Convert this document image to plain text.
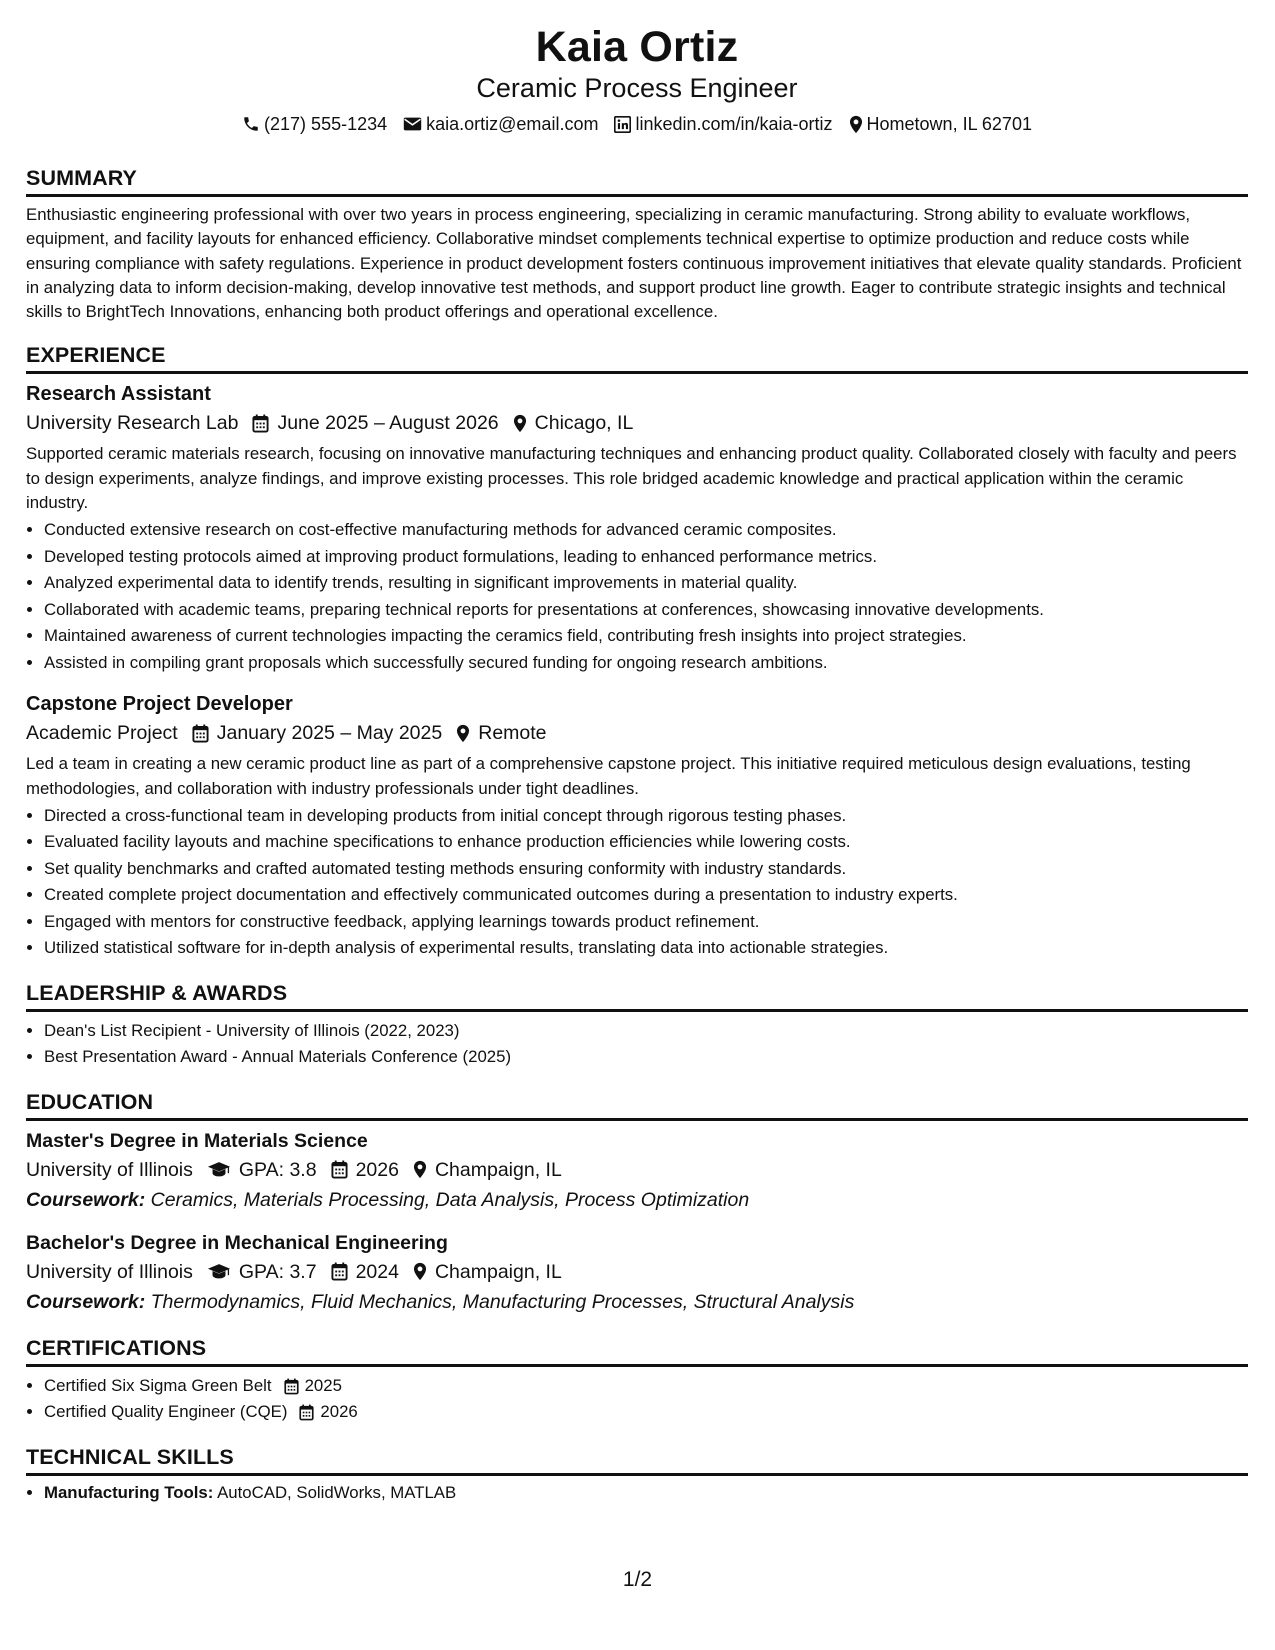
Kaia Ortiz
Ceramic Process Engineer
(217) 555-1234 kaia.ortiz@email.com linkedin.com/in/kaia-ortiz Hometown, IL 62701
SUMMARY
Enthusiastic engineering professional with over two years in process engineering, specializing in ceramic manufacturing. Strong ability to evaluate workflows, equipment, and facility layouts for enhanced efficiency. Collaborative mindset complements technical expertise to optimize production and reduce costs while ensuring compliance with safety regulations. Experience in product development fosters continuous improvement initiatives that elevate quality standards. Proficient in analyzing data to inform decision-making, develop innovative test methods, and support product line growth. Eager to contribute strategic insights and technical skills to BrightTech Innovations, enhancing both product offerings and operational excellence.
EXPERIENCE
Research Assistant
University Research Lab June 2025 – August 2026 Chicago, IL
Supported ceramic materials research, focusing on innovative manufacturing techniques and enhancing product quality. Collaborated closely with faculty and peers to design experiments, analyze findings, and improve existing processes. This role bridged academic knowledge and practical application within the ceramic industry.
• Conducted extensive research on cost-effective manufacturing methods for advanced ceramic composites.
• Developed testing protocols aimed at improving product formulations, leading to enhanced performance metrics.
• Analyzed experimental data to identify trends, resulting in significant improvements in material quality.
• Collaborated with academic teams, preparing technical reports for presentations at conferences, showcasing innovative developments.
• Maintained awareness of current technologies impacting the ceramics field, contributing fresh insights into project strategies.
• Assisted in compiling grant proposals which successfully secured funding for ongoing research ambitions.
Capstone Project Developer
Academic Project January 2025 – May 2025 Remote
Led a team in creating a new ceramic product line as part of a comprehensive capstone project. This initiative required meticulous design evaluations, testing methodologies, and collaboration with industry professionals under tight deadlines.
• Directed a cross-functional team in developing products from initial concept through rigorous testing phases.
• Evaluated facility layouts and machine specifications to enhance production efficiencies while lowering costs.
• Set quality benchmarks and crafted automated testing methods ensuring conformity with industry standards.
• Created complete project documentation and effectively communicated outcomes during a presentation to industry experts.
• Engaged with mentors for constructive feedback, applying learnings towards product refinement.
• Utilized statistical software for in-depth analysis of experimental results, translating data into actionable strategies.
LEADERSHIP & AWARDS
• Dean's List Recipient - University of Illinois (2022, 2023)
• Best Presentation Award - Annual Materials Conference (2025)
EDUCATION
Master's Degree in Materials Science
University of Illinois GPA: 3.8 2026 Champaign, IL
Coursework: Ceramics, Materials Processing, Data Analysis, Process Optimization
Bachelor's Degree in Mechanical Engineering
University of Illinois GPA: 3.7 2024 Champaign, IL
Coursework: Thermodynamics, Fluid Mechanics, Manufacturing Processes, Structural Analysis
CERTIFICATIONS
• Certified Six Sigma Green Belt 2025
• Certified Quality Engineer (CQE) 2026
TECHNICAL SKILLS
• Manufacturing Tools: AutoCAD, SolidWorks, MATLAB
1/2
